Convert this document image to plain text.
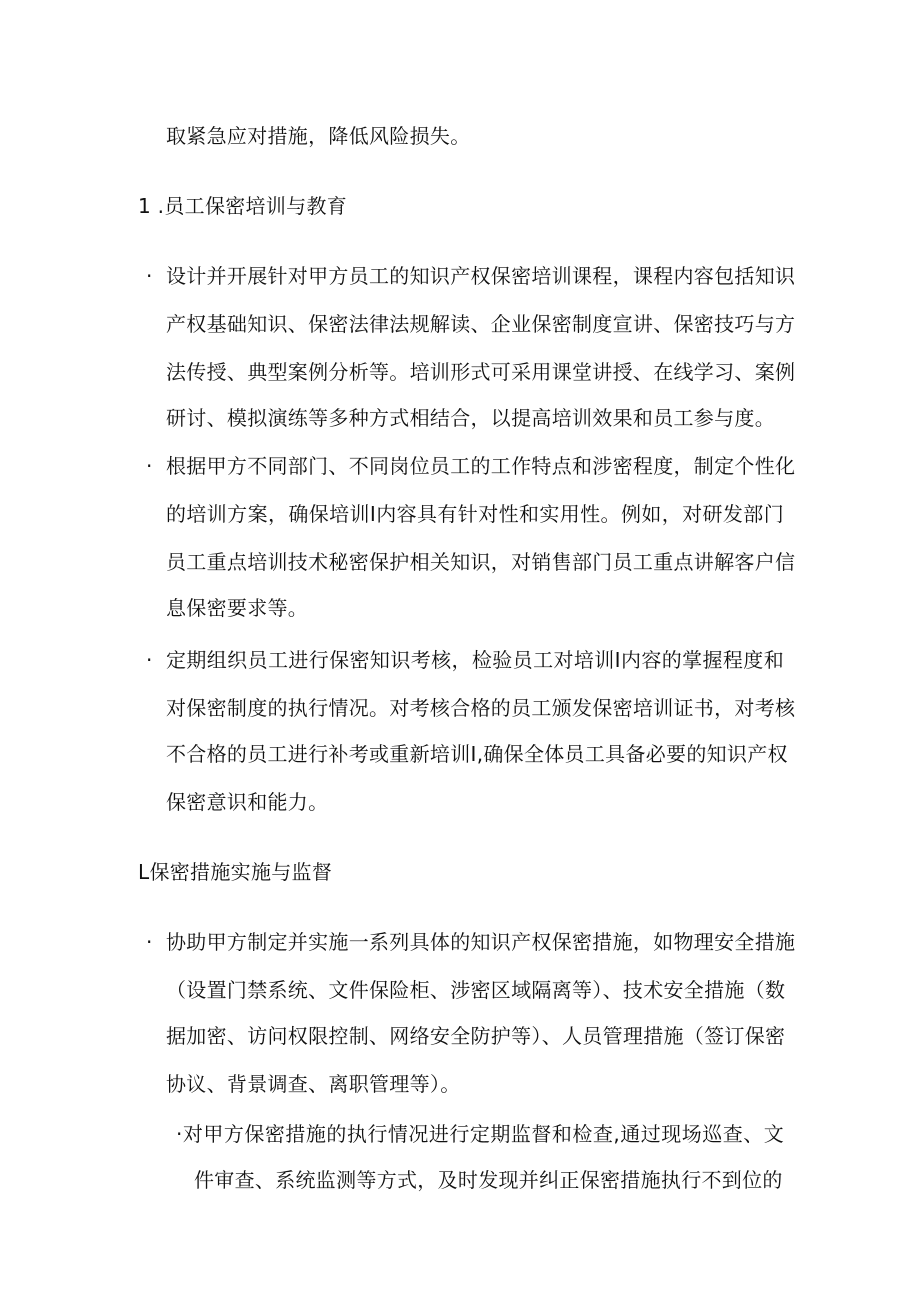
取紧急应对措施，降低风险损失。
1 .员工保密培训与教育
· 设计并开展针对甲方员工的知识产权保密培训课程，课程内容包括知识
产权基础知识、保密法律法规解读、企业保密制度宣讲、保密技巧与方
法传授、典型案例分析等。培训形式可采用课堂讲授、在线学习、案例
研讨、模拟演练等多种方式相结合，以提高培训效果和员工参与度。
· 根据甲方不同部门、不同岗位员工的工作特点和涉密程度，制定个性化
的培训方案，确保培训I内容具有针对性和实用性。例如，对研发部门
员工重点培训技术秘密保护相关知识，对销售部门员工重点讲解客户信
息保密要求等。
· 定期组织员工进行保密知识考核，检验员工对培训I内容的掌握程度和
对保密制度的执行情况。对考核合格的员工颁发保密培训证书，对考核
不合格的员工进行补考或重新培训I,确保全体员工具备必要的知识产权
保密意识和能力。
L保密措施实施与监督
· 协助甲方制定并实施一系列具体的知识产权保密措施，如物理安全措施
（设置门禁系统、文件保险柜、涉密区域隔离等）、技术安全措施（数
据加密、访问权限控制、网络安全防护等）、人员管理措施（签订保密
协议、背景调查、离职管理等）。
·对甲方保密措施的执行情况进行定期监督和检查,通过现场巡查、文
件审查、系统监测等方式，及时发现并纠正保密措施执行不到位的
